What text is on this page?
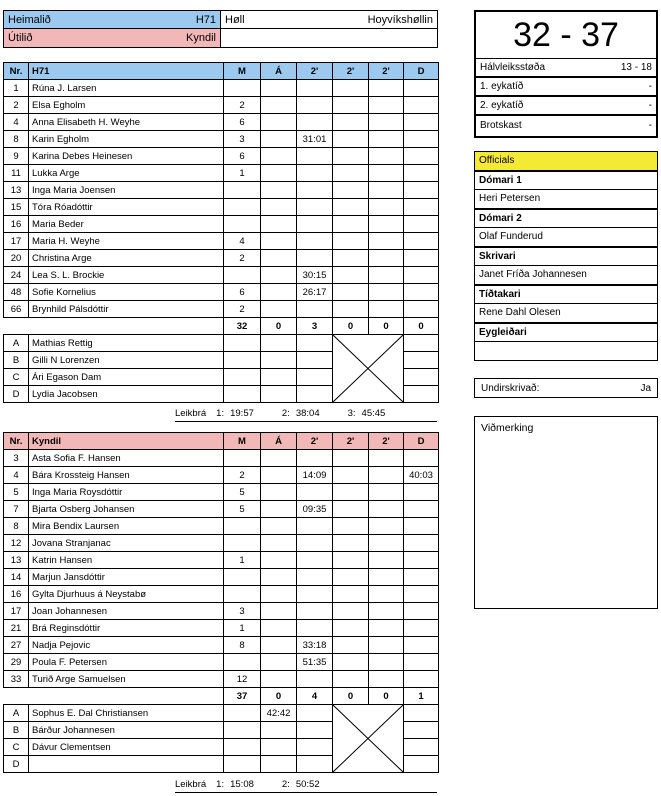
Heimalið	H71
Útilið	Kyndil
Høll	Hoyvíkshøllin
Nr.	H71	M	Á	2'	2'	2'	D
1	Rúna J. Larsen						
2	Elsa Egholm	2					
4	Anna Elisabeth H. Weyhe	6					
8	Karin Egholm	3		31:01			
9	Karina Debes Heinesen	6					
11	Lukka Arge	1					
13	Inga Maria Joensen						
15	Tóra Róadóttir						
16	Maria Beder						
17	Maria H. Weyhe	4					
20	Christina Arge	2					
24	Lea S. L. Brockie			30:15			
48	Sofie Kornelius	6		26:17			
66	Brynhild Pálsdóttir	2					
		32	0	3	0	0	0
A	Mathias Rettig				

B	Gilli N Lorenzen						
C	Ári Egason Dam						
D	Lydia Jacobsen						
Leikbrá 1: 19:57	2: 38:04	3: 45:45
Nr.	Kyndil	M	Á	2'	2'	2'	D
3	Asta Sofia F. Hansen						
4	Bára Krossteig Hansen	2		14:09			40:03
5	Inga Maria Roysdóttir	5					
7	Bjarta Osberg Johansen	5		09:35			
8	Mira Bendix Laursen						
12	Jovana Stranjanac						
13	Katrin Hansen	1					
14	Marjun Jansdóttir						
16	Gylta Djurhuus á Neystabø						
17	Joan Johannesen	3					
21	Brá Reginsdóttir	1					
27	Nadja Pejovic	8		33:18			
29	Poula F. Petersen			51:35			
33	Turið Arge Samuelsen	12					
		37	0	4	0	0	1
A	Sophus E. Dal Christiansen		42:42		

B	Bárður Johannesen						
C	Dávur Clementsen						
D							
Leikbrá 1: 15:08	2: 50:52
32 - 37
Hálvleiksstøða	13 - 18

1. eykatíð	-

2. eykatíð	-

Brotskast	-
Officials
Dómari 1
Heri Petersen
Dómari 2
Olaf Funderud
Skrivari
Janet Fríða Johannesen
Tíðtakari
Rene Dahl Olesen
Eygleiðari

Undirskrivað:	Ja
Viðmerking
